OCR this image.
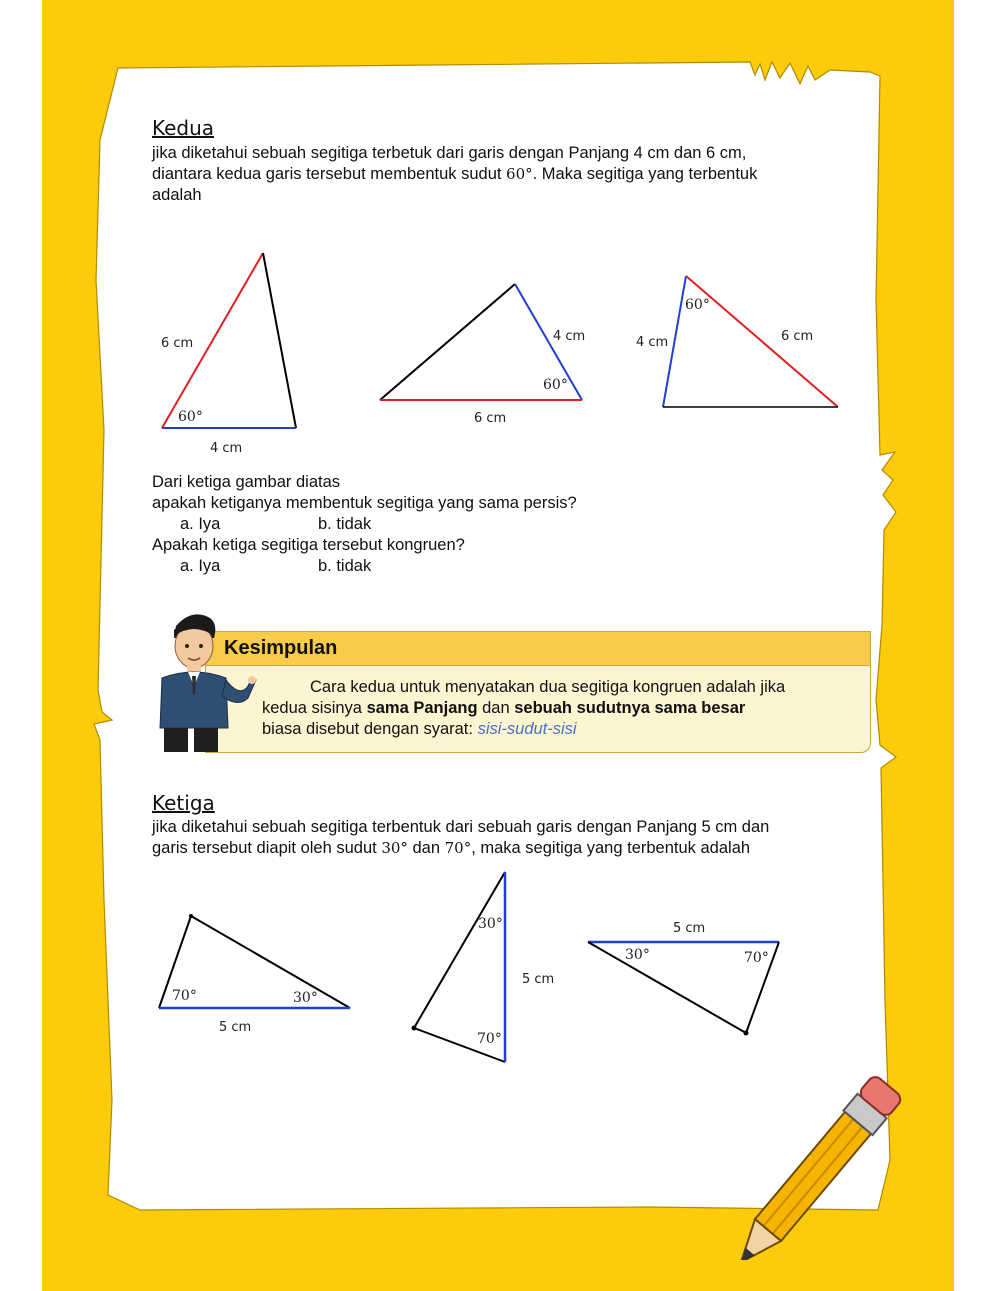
Kedua
jika diketahui sebuah segitiga terbetuk dari garis dengan Panjang 4 cm dan 6 cm,
diantara kedua garis tersebut membentuk sudut 60°. Maka segitiga yang terbentuk
adalah
6 cm
4 cm
60°
4 cm
6 cm
60°
4 cm	6 cm
60°
Dari ketiga gambar diatas
apakah ketiganya membentuk segitiga yang sama persis?
a. Iya	b. tidak
Apakah ketiga segitiga tersebut kongruen?
a. Iya	b. tidak
Kesimpulan
Cara kedua untuk menyatakan dua segitiga kongruen adalah jika
kedua sisinya sama Panjang dan sebuah sudutnya sama besar
biasa disebut dengan syarat: sisi-sudut-sisi
Ketiga
jika diketahui sebuah segitiga terbentuk dari sebuah garis dengan Panjang 5 cm dan
garis tersebut diapit oleh sudut 30° dan 70°, maka segitiga yang terbentuk adalah
70°	30°
5 cm
30°
70°
5 cm
5 cm
30°	70°
